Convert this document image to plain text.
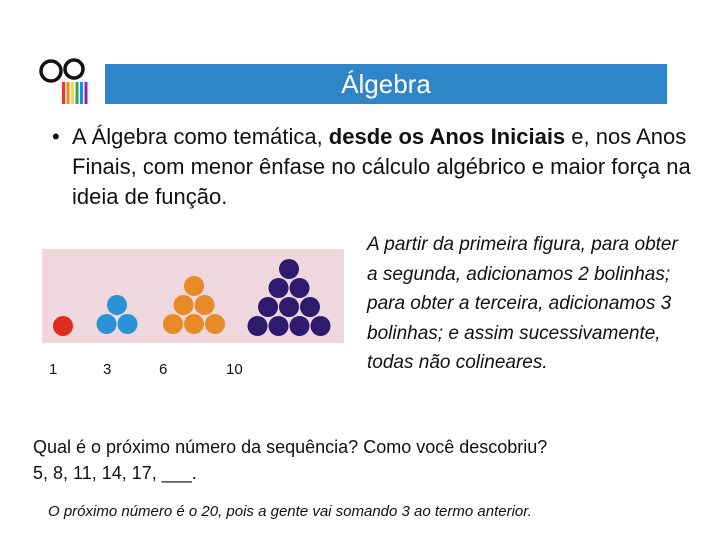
Álgebra
• A Álgebra como temática, desde os Anos Iniciais e, nos Anos Finais, com menor ênfase no cálculo algébrico e maior força na ideia de função.
1	3	6	10
A partir da primeira figura, para obter a segunda, adicionamos 2 bolinhas; para obter a terceira, adicionamos 3 bolinhas; e assim sucessivamente, todas não colineares.
Qual é o próximo número da sequência? Como você descobriu?
5, 8, 11, 14, 17, ___.
O próximo número é o 20, pois a gente vai somando 3 ao termo anterior.
